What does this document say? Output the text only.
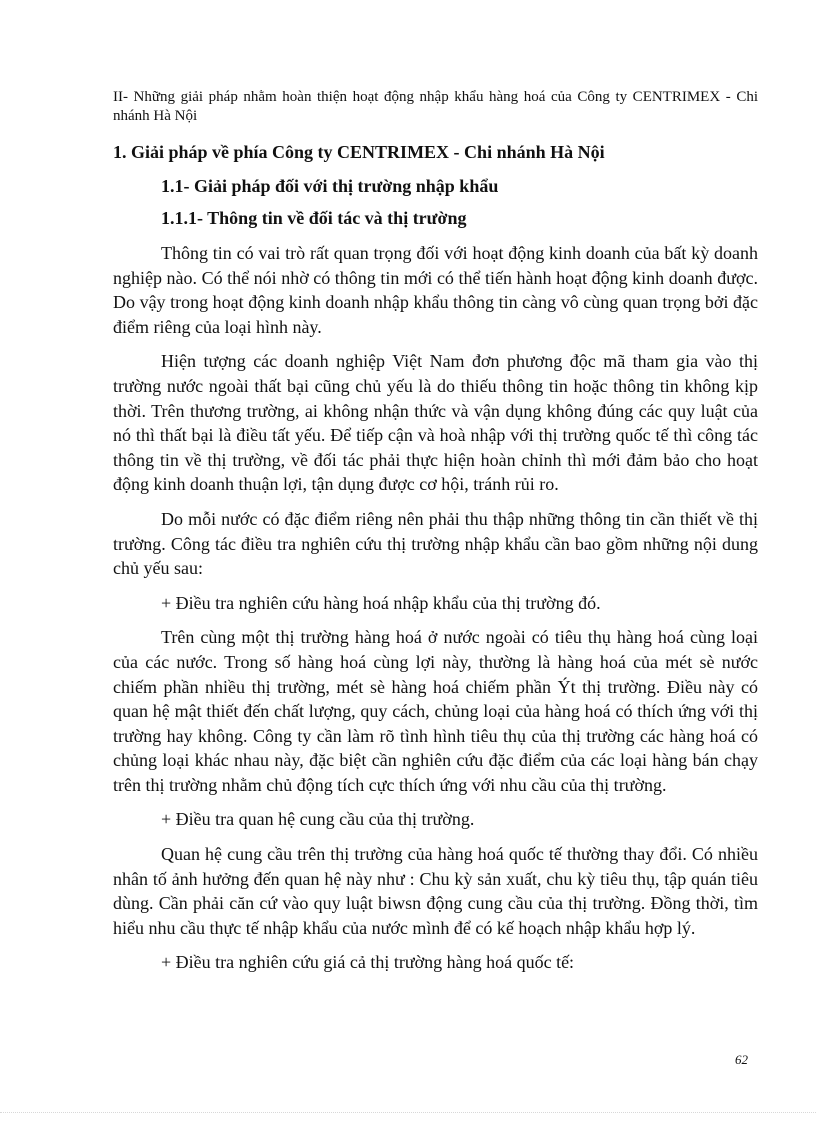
II- Những giải pháp nhằm hoàn thiện hoạt động nhập khẩu hàng hoá của Công ty CENTRIMEX - Chi nhánh Hà Nội

1. Giải pháp về phía Công ty CENTRIMEX - Chi nhánh Hà Nội
1.1- Giải pháp đối với thị trường nhập khẩu
1.1.1- Thông tin về đối tác và thị trường

Thông tin có vai trò rất quan trọng đối với hoạt động kinh doanh của bất kỳ doanh nghiệp nào. Có thể nói nhờ có thông tin mới có thể tiến hành hoạt động kinh doanh được. Do vậy trong hoạt động kinh doanh nhập khẩu thông tin càng vô cùng quan trọng bởi đặc điểm riêng của loại hình này.

Hiện tượng các doanh nghiệp Việt Nam đơn phương độc mã tham gia vào thị trường nước ngoài thất bại cũng chủ yếu là do thiếu thông tin hoặc thông tin không kịp thời. Trên thương trường, ai không nhận thức và vận dụng không đúng các quy luật của nó thì thất bại là điều tất yếu. Để tiếp cận và hoà nhập với thị trường quốc tế thì công tác thông tin về thị trường, về đối tác phải thực hiện hoàn chỉnh thì mới đảm bảo cho hoạt động kinh doanh thuận lợi, tận dụng được cơ hội, tránh rủi ro.

Do mỗi nước có đặc điểm riêng nên phải thu thập những thông tin cần thiết về thị trường. Công tác điều tra nghiên cứu thị trường nhập khẩu cần bao gồm những nội dung chủ yếu sau:

+ Điều tra nghiên cứu hàng hoá nhập khẩu của thị trường đó.

Trên cùng một thị trường hàng hoá ở nước ngoài có tiêu thụ hàng hoá cùng loại của các nước. Trong số hàng hoá cùng lợi này, thường là hàng hoá của mét sè nước chiếm phần nhiều thị trường, mét sè hàng hoá chiếm phần Ýt thị trường. Điều này có quan hệ mật thiết đến chất lượng, quy cách, chủng loại của hàng hoá có thích ứng với thị trường hay không. Công ty cần làm rõ tình hình tiêu thụ của thị trường các hàng hoá có chủng loại khác nhau này, đặc biệt cần nghiên cứu đặc điểm của các loại hàng bán chạy trên thị trường nhằm chủ động tích cực thích ứng với nhu cầu của thị trường.

+ Điều tra quan hệ cung cầu của thị trường.

Quan hệ cung cầu trên thị trường của hàng hoá quốc tế thường thay đổi. Có nhiều nhân tố ảnh hưởng đến quan hệ này như : Chu kỳ sản xuất, chu kỳ tiêu thụ, tập quán tiêu dùng. Cần phải căn cứ vào quy luật biwsn động cung cầu của thị trường. Đồng thời, tìm hiểu nhu cầu thực tế nhập khẩu của nước mình để có kế hoạch nhập khẩu hợp lý.

+ Điều tra nghiên cứu giá cả thị trường hàng hoá quốc tế:

62
